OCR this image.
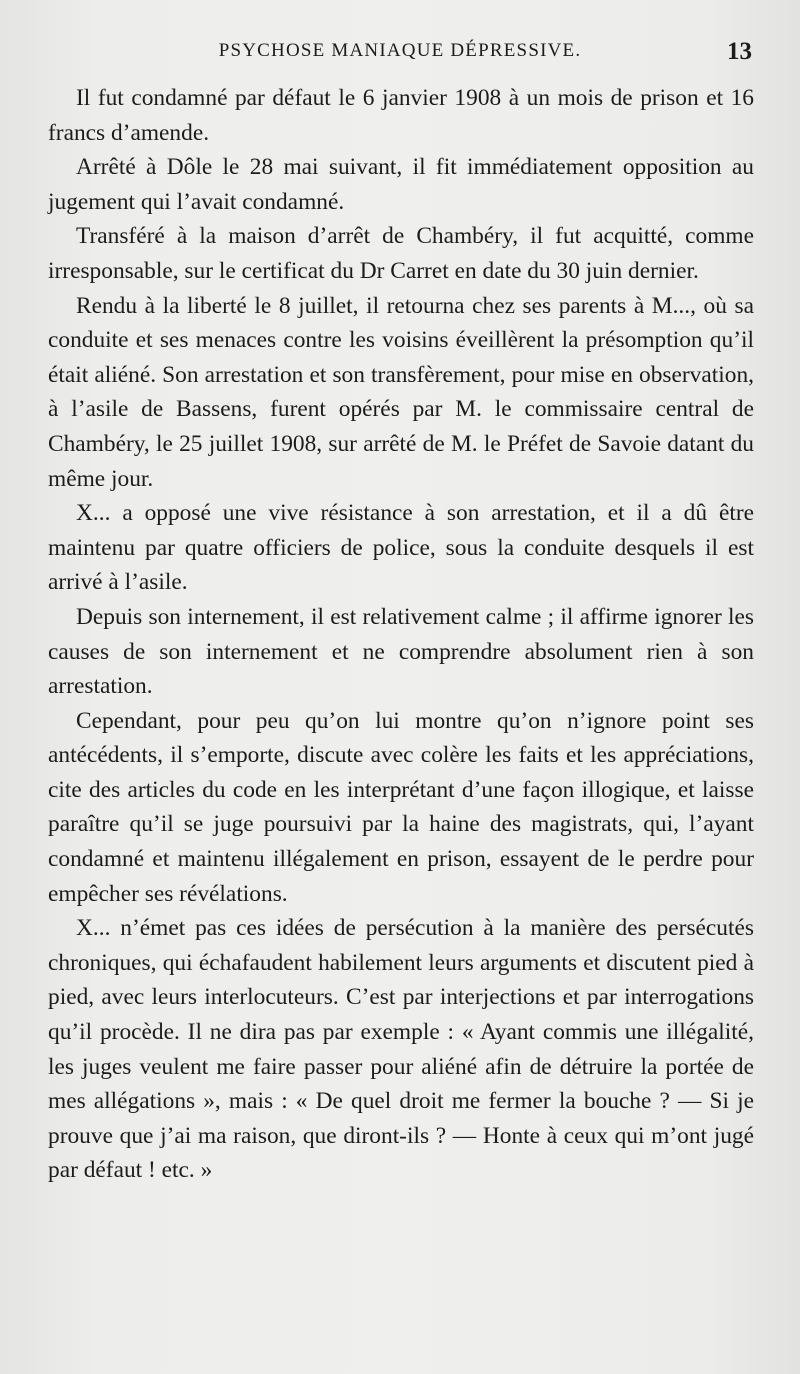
PSYCHOSE MANIAQUE DÉPRESSIVE.	13

Il fut condamné par défaut le 6 janvier 1908 à un mois de prison et 16 francs d’amende.

Arrêté à Dôle le 28 mai suivant, il fit immédiatement opposition au jugement qui l’avait condamné.

Transféré à la maison d’arrêt de Chambéry, il fut acquitté, comme irresponsable, sur le certificat du Dr Carret en date du 30 juin dernier.

Rendu à la liberté le 8 juillet, il retourna chez ses parents à M..., où sa conduite et ses menaces contre les voisins éveillèrent la présomption qu’il était aliéné. Son arrestation et son transfèrement, pour mise en observation, à l’asile de Bassens, furent opérés par M. le commissaire central de Chambéry, le 25 juillet 1908, sur arrêté de M. le Préfet de Savoie datant du même jour.

X... a opposé une vive résistance à son arrestation, et il a dû être maintenu par quatre officiers de police, sous la conduite desquels il est arrivé à l’asile.

Depuis son internement, il est relativement calme ; il affirme ignorer les causes de son internement et ne comprendre absolument rien à son arrestation.

Cependant, pour peu qu’on lui montre qu’on n’ignore point ses antécédents, il s’emporte, discute avec colère les faits et les appréciations, cite des articles du code en les interprétant d’une façon illogique, et laisse paraître qu’il se juge poursuivi par la haine des magistrats, qui, l’ayant condamné et maintenu illégalement en prison, essayent de le perdre pour empêcher ses révélations.

X... n’émet pas ces idées de persécution à la manière des persécutés chroniques, qui échafaudent habilement leurs arguments et discutent pied à pied, avec leurs interlocuteurs. C’est par interjections et par interrogations qu’il procède. Il ne dira pas par exemple : « Ayant commis une illégalité, les juges veulent me faire passer pour aliéné afin de détruire la portée de mes allégations », mais : « De quel droit me fermer la bouche ? — Si je prouve que j’ai ma raison, que diront-ils ? — Honte à ceux qui m’ont jugé par défaut ! etc. »
